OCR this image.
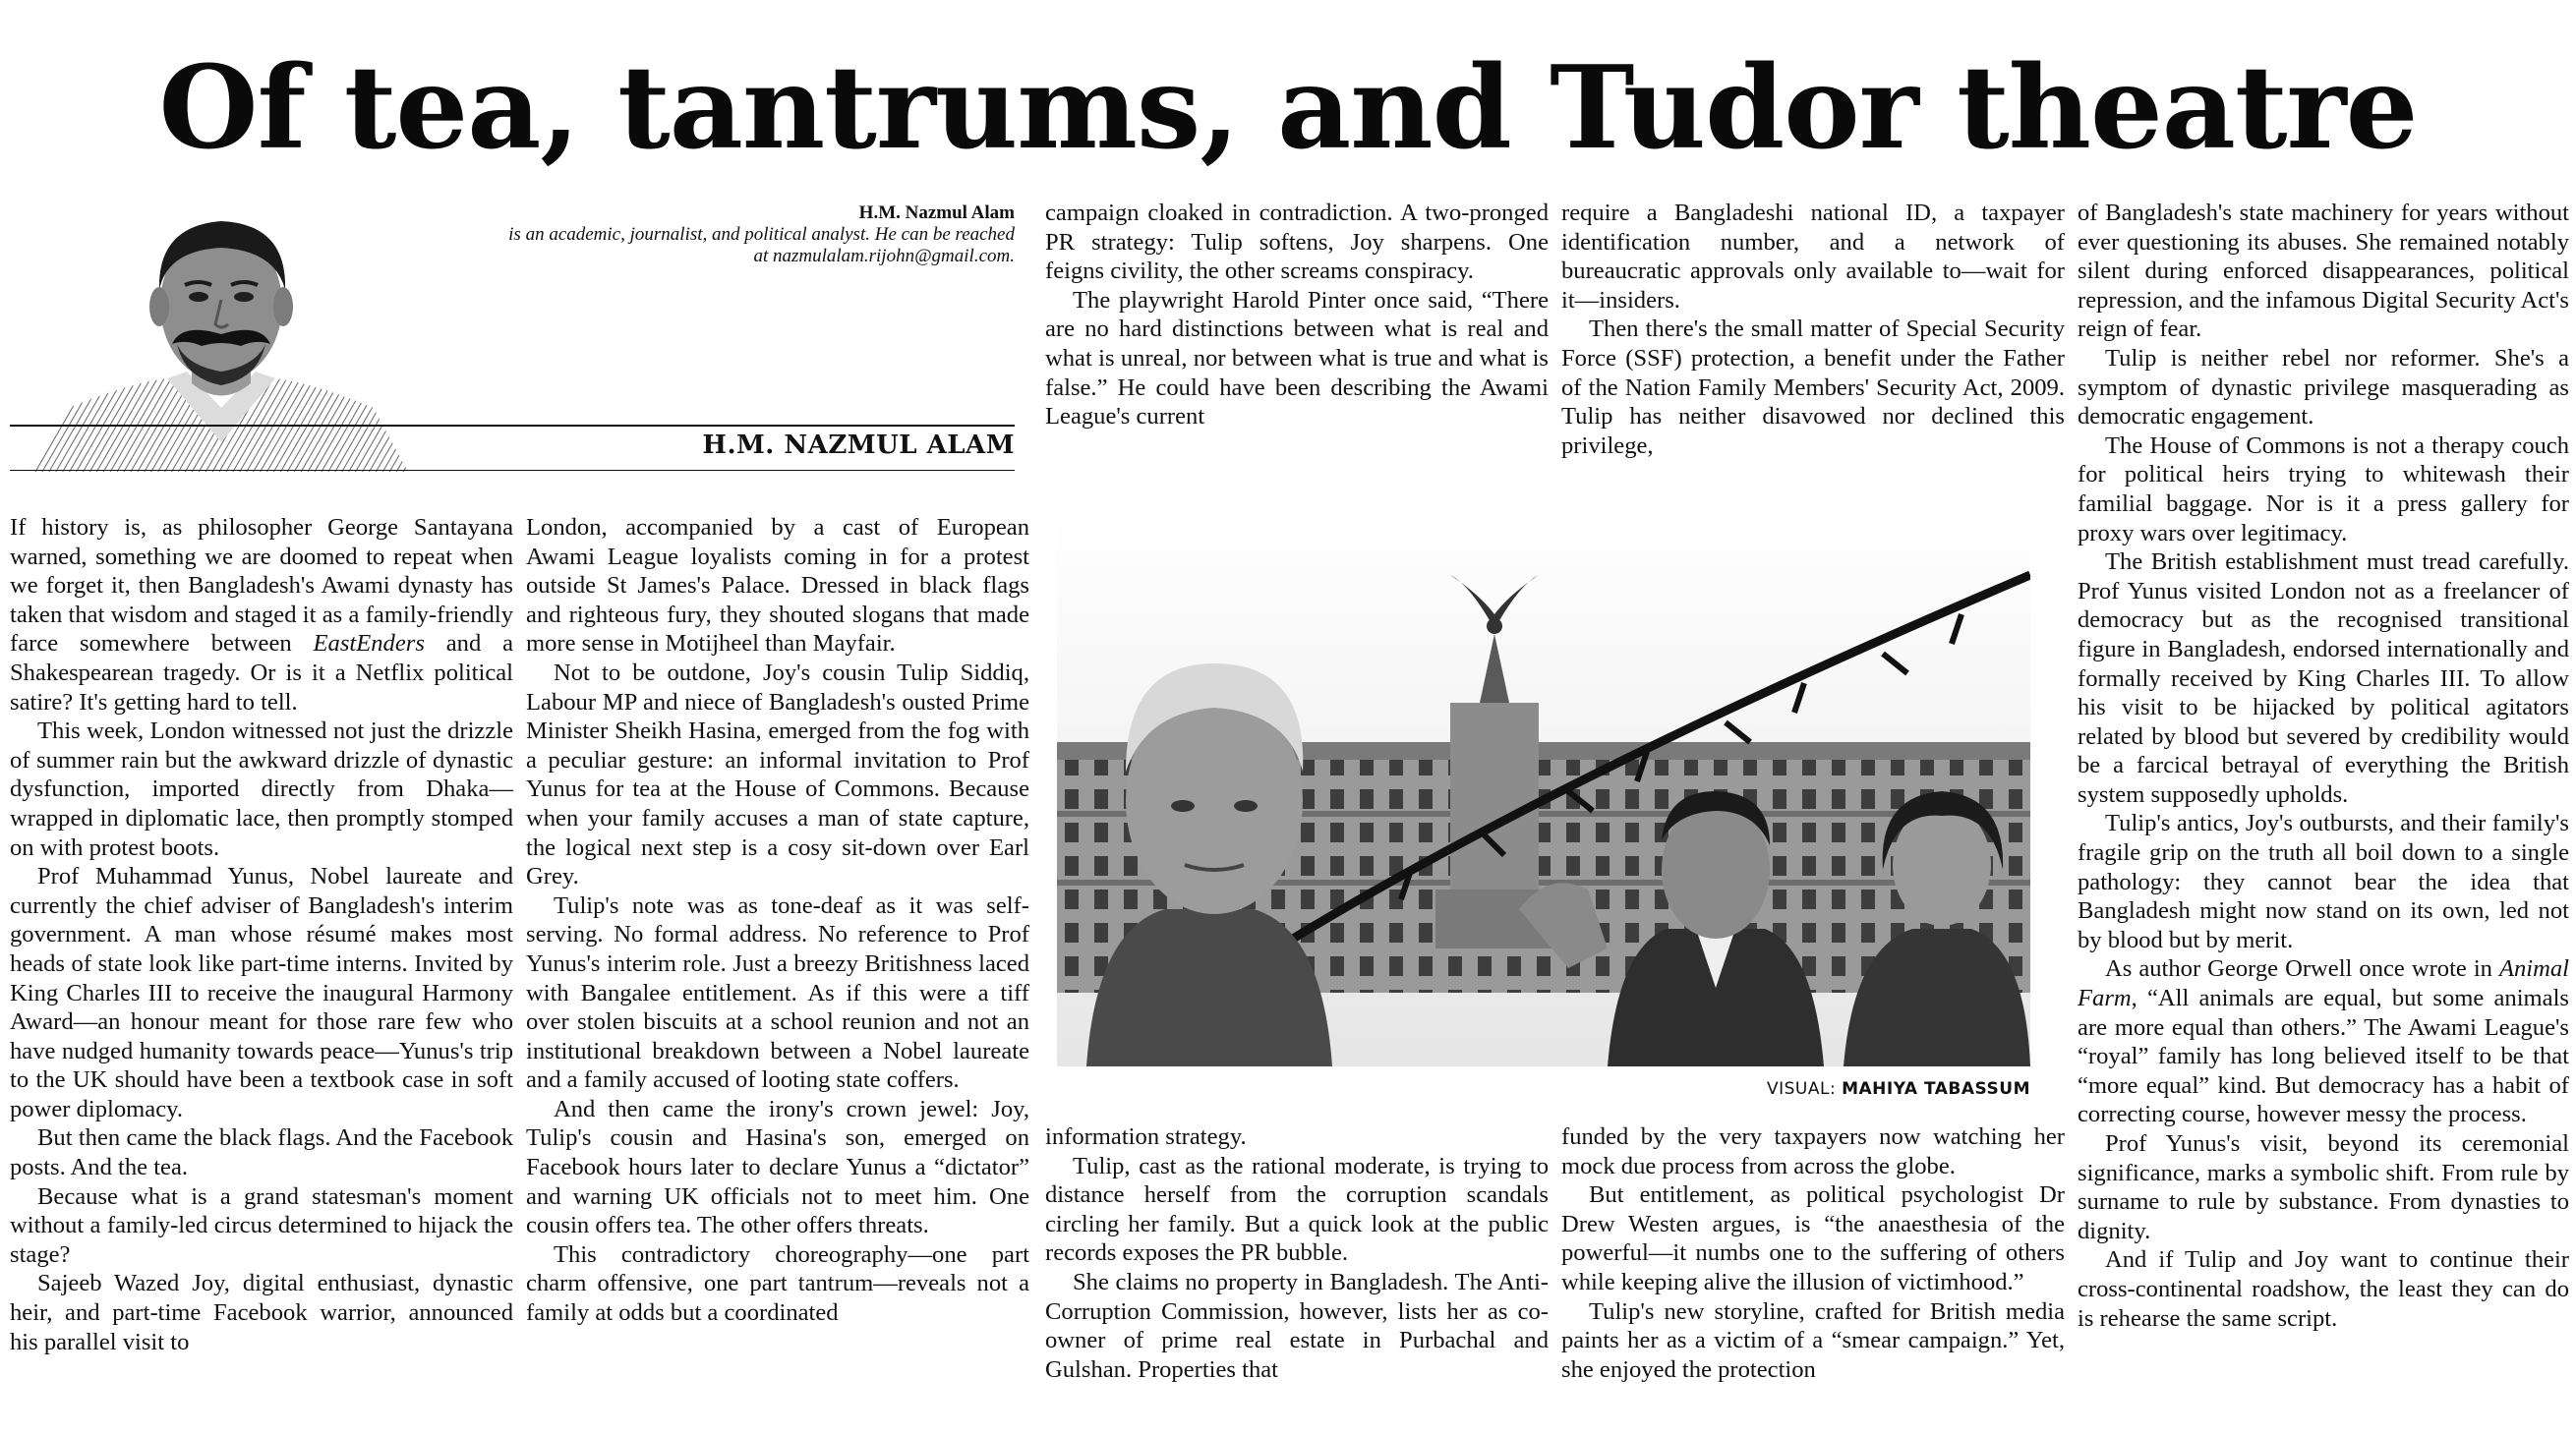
Of tea, tantrums, and Tudor theatre
H.M. Nazmul Alam
is an academic, journalist, and political analyst. He can be reached at nazmulalam.rijohn@gmail.com.
H.M. NAZMUL ALAM

If history is, as philosopher George Santayana warned, something we are doomed to repeat when we forget it, then Bangladesh's Awami dynasty has taken that wisdom and staged it as a family-friendly farce somewhere between EastEnders and a Shakespearean tragedy. Or is it a Netflix political satire? It's getting hard to tell.

This week, London witnessed not just the drizzle of summer rain but the awkward drizzle of dynastic dysfunction, imported directly from Dhaka—wrapped in diplomatic lace, then promptly stomped on with protest boots.

Prof Muhammad Yunus, Nobel laureate and currently the chief adviser of Bangladesh's interim government. A man whose résumé makes most heads of state look like part-time interns. Invited by King Charles III to receive the inaugural Harmony Award—an honour meant for those rare few who have nudged humanity towards peace—Yunus's trip to the UK should have been a textbook case in soft power diplomacy.

But then came the black flags. And the Facebook posts. And the tea.

Because what is a grand statesman's moment without a family-led circus determined to hijack the stage?

Sajeeb Wazed Joy, digital enthusiast, dynastic heir, and part-time Facebook warrior, announced his parallel visit to

London, accompanied by a cast of European Awami League loyalists coming in for a protest outside St James's Palace. Dressed in black flags and righteous fury, they shouted slogans that made more sense in Motijheel than Mayfair.

Not to be outdone, Joy's cousin Tulip Siddiq, Labour MP and niece of Bangladesh's ousted Prime Minister Sheikh Hasina, emerged from the fog with a peculiar gesture: an informal invitation to Prof Yunus for tea at the House of Commons. Because when your family accuses a man of state capture, the logical next step is a cosy sit-down over Earl Grey.

Tulip's note was as tone-deaf as it was self-serving. No formal address. No reference to Prof Yunus's interim role. Just a breezy Britishness laced with Bangalee entitlement. As if this were a tiff over stolen biscuits at a school reunion and not an institutional breakdown between a Nobel laureate and a family accused of looting state coffers.

And then came the irony's crown jewel: Joy, Tulip's cousin and Hasina's son, emerged on Facebook hours later to declare Yunus a “dictator” and warning UK officials not to meet him. One cousin offers tea. The other offers threats.

This contradictory choreography—one part charm offensive, one part tantrum—reveals not a family at odds but a coordinated

campaign cloaked in contradiction. A two-pronged PR strategy: Tulip softens, Joy sharpens. One feigns civility, the other screams conspiracy.

The playwright Harold Pinter once said, “There are no hard distinctions between what is real and what is unreal, nor between what is true and what is false.” He could have been describing the Awami League's current

require a Bangladeshi national ID, a taxpayer identification number, and a network of bureaucratic approvals only available to—wait for it—insiders.

Then there's the small matter of Special Security Force (SSF) protection, a benefit under the Father of the Nation Family Members' Security Act, 2009. Tulip has neither disavowed nor declined this privilege,

of Bangladesh's state machinery for years without ever questioning its abuses. She remained notably silent during enforced disappearances, political repression, and the infamous Digital Security Act's reign of fear.

Tulip is neither rebel nor reformer. She's a symptom of dynastic privilege masquerading as democratic engagement.

The House of Commons is not a therapy couch for political heirs trying to whitewash their familial baggage. Nor is it a press gallery for proxy wars over legitimacy.

The British establishment must tread carefully. Prof Yunus visited London not as a freelancer of democracy but as the recognised transitional figure in Bangladesh, endorsed internationally and formally received by King Charles III. To allow his visit to be hijacked by political agitators related by blood but severed by credibility would be a farcical betrayal of everything the British system supposedly upholds.

Tulip's antics, Joy's outbursts, and their family's fragile grip on the truth all boil down to a single pathology: they cannot bear the idea that Bangladesh might now stand on its own, led not by blood but by merit.

As author George Orwell once wrote in Animal Farm, “All animals are equal, but some animals are more equal than others.” The Awami League's “royal” family has long believed itself to be that “more equal” kind. But democracy has a habit of correcting course, however messy the process.

Prof Yunus's visit, beyond its ceremonial significance, marks a symbolic shift. From rule by surname to rule by substance. From dynasties to dignity.

And if Tulip and Joy want to continue their cross-continental roadshow, the least they can do is rehearse the same script.

VISUAL: MAHIYA TABASSUM

information strategy.

Tulip, cast as the rational moderate, is trying to distance herself from the corruption scandals circling her family. But a quick look at the public records exposes the PR bubble.

She claims no property in Bangladesh. The Anti-Corruption Commission, however, lists her as co-owner of prime real estate in Purbachal and Gulshan. Properties that

funded by the very taxpayers now watching her mock due process from across the globe.

But entitlement, as political psychologist Dr Drew Westen argues, is “the anaesthesia of the powerful—it numbs one to the suffering of others while keeping alive the illusion of victimhood.”

Tulip's new storyline, crafted for British media paints her as a victim of a “smear campaign.” Yet, she enjoyed the protection
